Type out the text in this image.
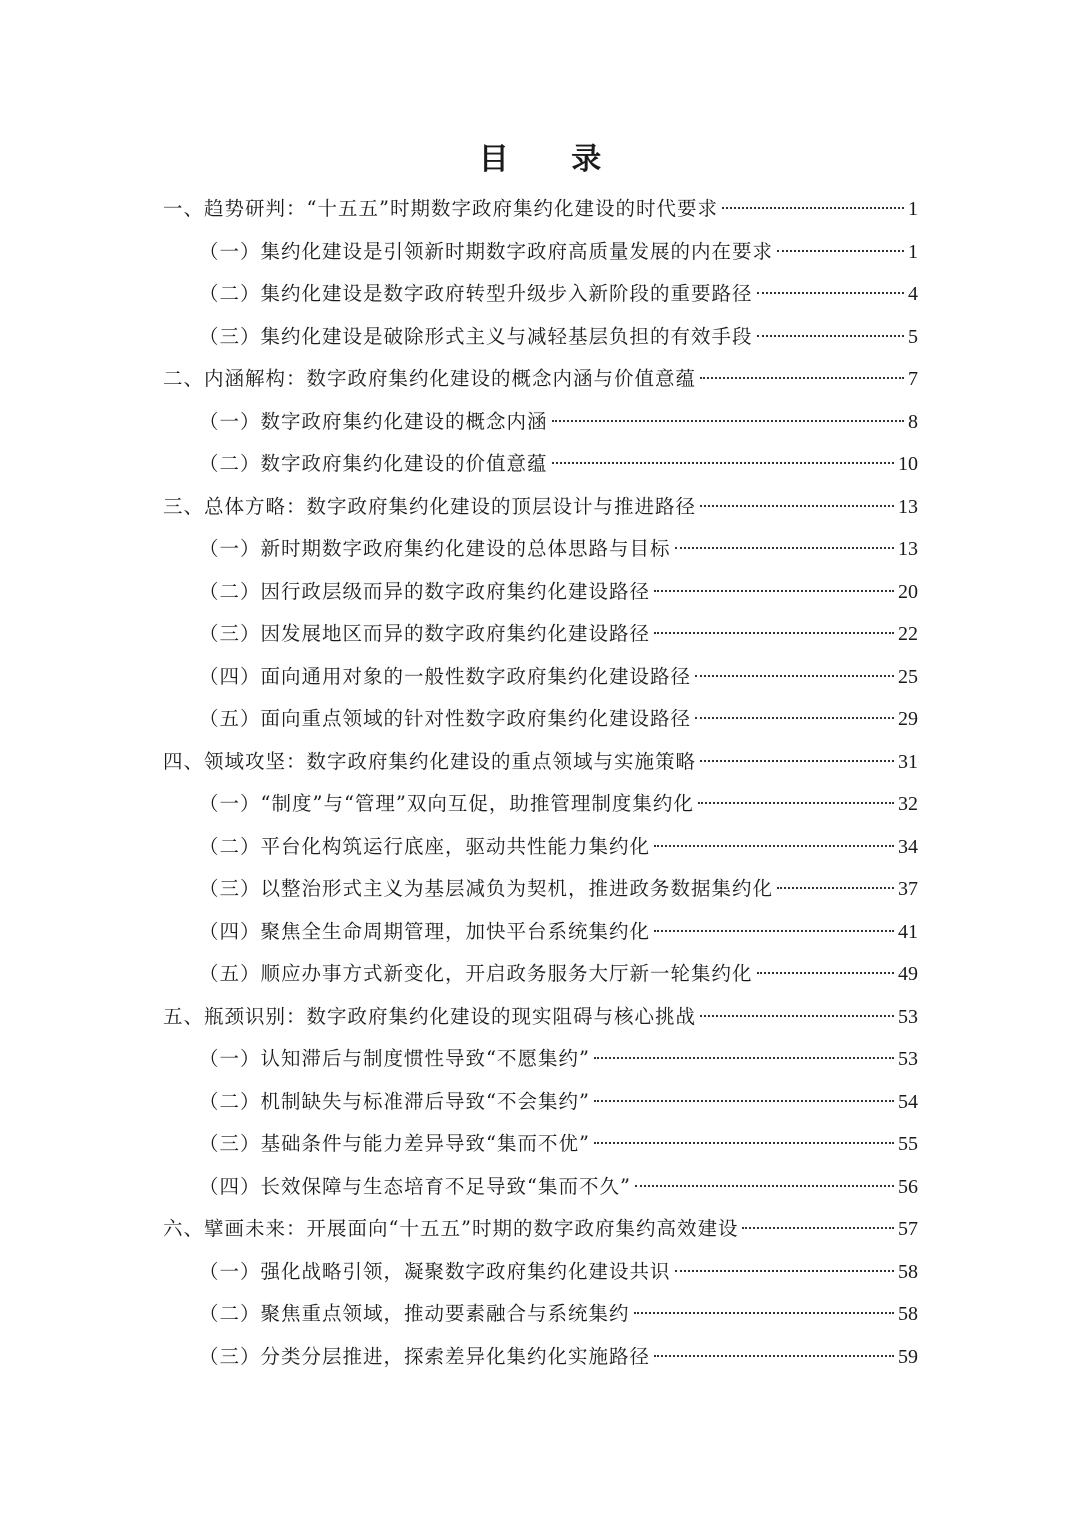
目 录
一、趋势研判：“十五五”时期数字政府集约化建设的时代要求	1
（一）集约化建设是引领新时期数字政府高质量发展的内在要求	1
（二）集约化建设是数字政府转型升级步入新阶段的重要路径	4
（三）集约化建设是破除形式主义与减轻基层负担的有效手段	5
二、内涵解构：数字政府集约化建设的概念内涵与价值意蕴	7
（一）数字政府集约化建设的概念内涵	8
（二）数字政府集约化建设的价值意蕴	10
三、总体方略：数字政府集约化建设的顶层设计与推进路径	13
（一）新时期数字政府集约化建设的总体思路与目标	13
（二）因行政层级而异的数字政府集约化建设路径	20
（三）因发展地区而异的数字政府集约化建设路径	22
（四）面向通用对象的一般性数字政府集约化建设路径	25
（五）面向重点领域的针对性数字政府集约化建设路径	29
四、领域攻坚：数字政府集约化建设的重点领域与实施策略	31
（一）“制度”与“管理”双向互促，助推管理制度集约化	32
（二）平台化构筑运行底座，驱动共性能力集约化	34
（三）以整治形式主义为基层减负为契机，推进政务数据集约化	37
（四）聚焦全生命周期管理，加快平台系统集约化	41
（五）顺应办事方式新变化，开启政务服务大厅新一轮集约化	49
五、瓶颈识别：数字政府集约化建设的现实阻碍与核心挑战	53
（一）认知滞后与制度惯性导致“不愿集约”	53
（二）机制缺失与标准滞后导致“不会集约”	54
（三）基础条件与能力差异导致“集而不优”	55
（四）长效保障与生态培育不足导致“集而不久”	56
六、擘画未来：开展面向“十五五”时期的数字政府集约高效建设	57
（一）强化战略引领，凝聚数字政府集约化建设共识	58
（二）聚焦重点领域，推动要素融合与系统集约	58
（三）分类分层推进，探索差异化集约化实施路径	59
